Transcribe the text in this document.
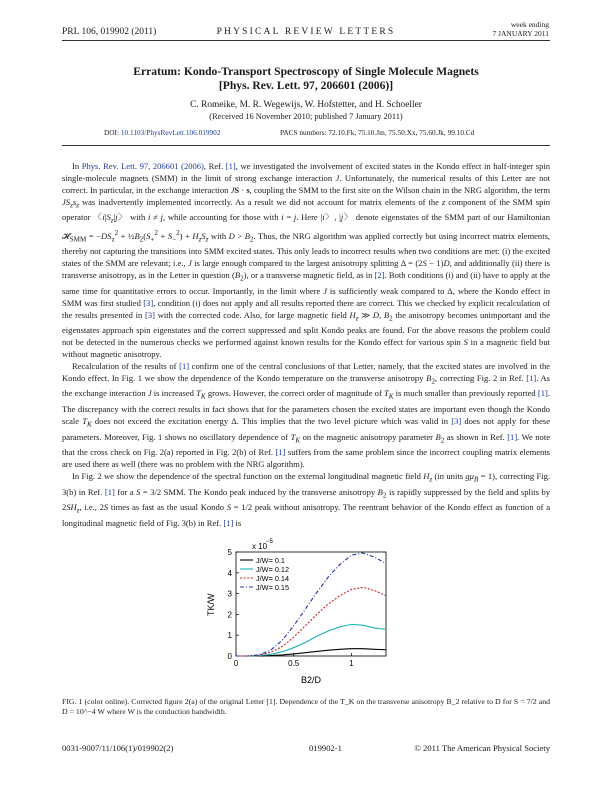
PRL 106, 019902 (2011)	PHYSICAL REVIEW LETTERS
week ending
7 JANUARY 2011
Erratum: Kondo-Transport Spectroscopy of Single Molecule Magnets
[Phys. Rev. Lett. 97, 206601 (2006)]
C. Romeike, M. R. Wegewijs, W. Hofstetter, and H. Schoeller
(Received 16 November 2010; published 7 January 2011)
DOI: 10.1103/PhysRevLett.106.019902	PACS numbers: 72.10.Fk, 75.10.Jm, 75.50.Xx, 75.60.Jk, 99.10.Cd

In Phys. Rev. Lett. 97, 206601 (2006), Ref. [1], we investigated the involvement of excited states in the Kondo effect in half-integer spin single-molecule magnets (SMM) in the limit of strong exchange interaction J. Unfortunately, the numerical results of this Letter are not correct. In particular, in the exchange interaction JS · s, coupling the SMM to the first site on the Wilson chain in the NRG algorithm, the term $JS_zs_z$ was inadvertently implemented incorrectly. As a result we did not account for matrix elements of the z component of the SMM spin operator 〈$i|S_z|j$〉 with i ≠ j, while accounting for those with i = j. Here |i〉, |j〉 denote eigenstates of the SMM part of our Hamiltonian 𝓗$_{SMM}$ = $-DS_z^2$ + $\frac{1}{2}B_2(S_+^2 + S_-^2) + H_zS_z$ with $D > B_2$. Thus, the NRG algorithm was applied correctly but using incorrect matrix elements, thereby not capturing the transitions into SMM excited states. This only leads to incorrect results when two conditions are met: (i) the excited states of the SMM are relevant; i.e., J is large enough compared to the largest anisotropy splitting Δ = (2S − 1)D, and additionally (ii) there is transverse anisotropy, as in the Letter in question $(B_2)$, or a transverse magnetic field, as in [2]. Both conditions (i) and (ii) have to apply at the same time for quantitative errors to occur. Importantly, in the limit where J is sufficiently weak compared to Δ, where the Kondo effect in SMM was first studied [3], condition (i) does not apply and all results reported there are correct. This we checked by explicit recalculation of the results presented in [3] with the corrected code. Also, for large magnetic field $H_z$ ≫ D, $B_2$ the anisotropy becomes unimportant and the eigenstates approach spin eigenstates and the correct suppressed and split Kondo peaks are found. For the above reasons the problem could not be detected in the numerous checks we performed against known results for the Kondo effect for various spin S in a magnetic field but without magnetic anisotropy.

Recalculation of the results of [1] confirm one of the central conclusions of that Letter, namely, that the excited states are involved in the Kondo effect. In Fig. 1 we show the dependence of the Kondo temperature on the transverse anisotropy $B_2$, correcting Fig. 2 in Ref. [1]. As the exchange interaction J is increased $T_K$ grows. However, the correct order of magnitude of $T_K$ is much smaller than previously reported [1]. The discrepancy with the correct results in fact shows that for the parameters chosen the excited states are important even though the Kondo scale $T_K$ does not exceed the excitation energy Δ. This implies that the two level picture which was valid in [3] does not apply for these parameters. Moreover, Fig. 1 shows no oscillatory dependence of $T_K$ on the magnetic anisotropy parameter $B_2$ as shown in Ref. [1]. We note that the cross check on Fig. 2(a) reported in Fig. 2(b) of Ref. [1] suffers from the same problem since the incorrect coupling matrix elements are used there as well (there was no problem with the NRG algorithm).

In Fig. 2 we show the dependence of the spectral function on the external longitudinal magnetic field $H_z$ (in units $g\mu_B = 1$), correcting Fig. 3(b) in Ref. [1] for a S = 3/2 SMM. The Kondo peak induced by the transverse anisotropy $B_2$ is rapidly suppressed by the field and splits by $2SH_z$, i.e., 2S times as fast as the usual Kondo S = 1/2 peak without anisotropy. The reentrant behavior of the Kondo effect as function of a longitudinal magnetic field of Fig. 3(b) in Ref. [1] is

0	0.5	1
0
1
2
3
4
5
x 10
−5
TK/W
B2/D
J/W= 0.1
J/W= 0.12
J/W= 0.14
J/W= 0.15
FIG. 1 (color online). Corrected figure 2(a) of the original Letter [1]. Dependence of the T_K on the transverse anisotropy B_2 relative to D for S = 7/2 and D = 10^−4 W where W is the conduction bandwidth.
0031-9007/11/106(1)/019902(2)	019902-1	© 2011 The American Physical Society
